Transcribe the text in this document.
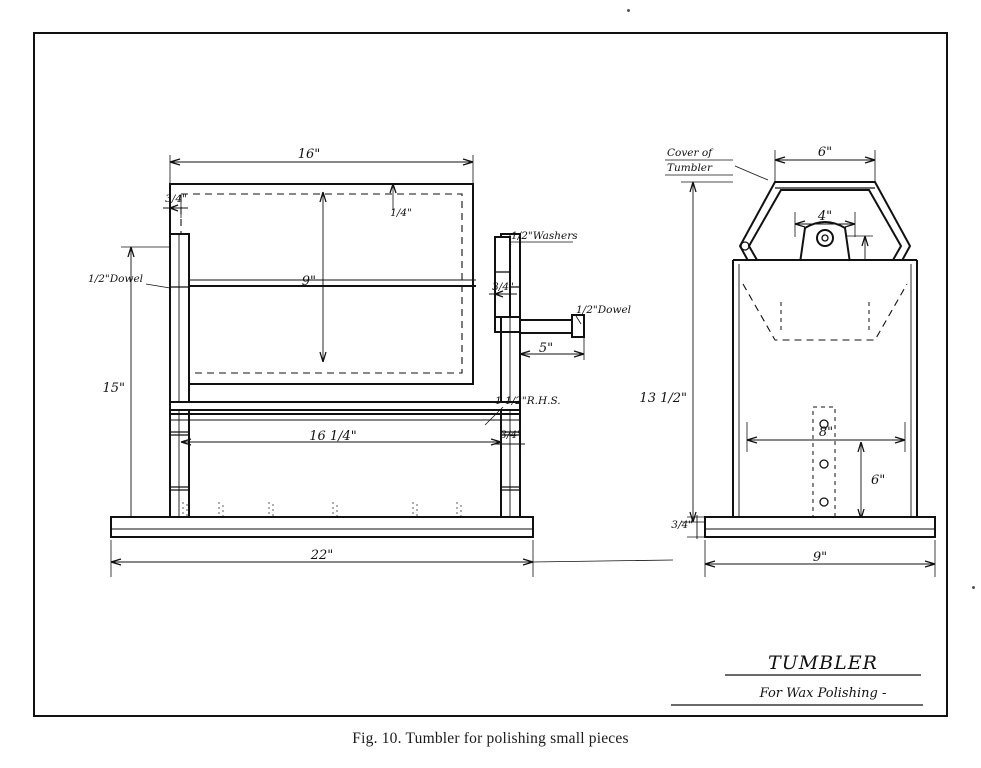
16"
3/4"
1/4"
9"
1/2"Dowel
1/2"Washers
3/4"
1/2"Dowel
5"
16 1/4"	3/4"
1 1/2"R.H.S.
15"
22"
6"
Cover of
Tumbler
4"
8"
6"
13 1/2"
3/4"
9"
TUMBLER
For Wax Polishing -
Fig. 10. Tumbler for polishing small pieces
